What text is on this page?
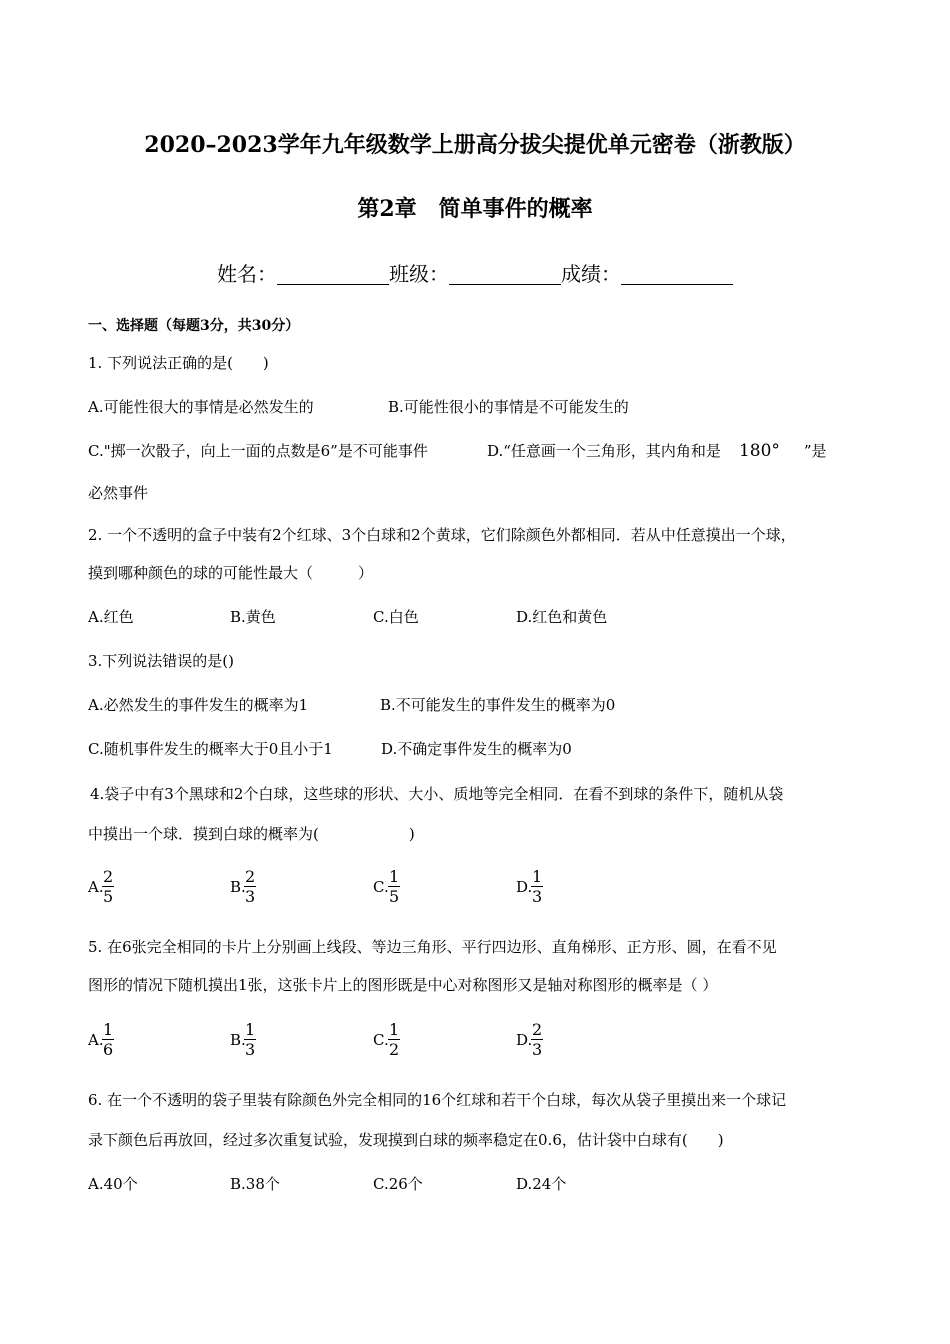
2020–2023学年九年级数学上册高分拔尖提优单元密卷（浙教版）
第2章　简单事件的概率
姓名：	班级：	成绩：
一、选择题（每题3分，共30分）
1. 下列说法正确的是(　　)
A.可能性很大的事情是必然发生的	B.可能性很小的事情是不可能发生的
C."掷一次骰子，向上一面的点数是6”是不可能事件	D.“任意画一个三角形，其内角和是 180° ”是
必然事件
2. 一个不透明的盒子中装有2个红球、3个白球和2个黄球，它们除颜色外都相同．若从中任意摸出一个球，
摸到哪种颜色的球的可能性最大（　　　）
A.红色	B.黄色	C.白色	D.红色和黄色
3.下列说法错误的是()
A.必然发生的事件发生的概率为1	B.不可能发生的事件发生的概率为0
C.随机事件发生的概率大于0且小于1	D.不确定事件发生的概率为0
4.袋子中有3个黑球和2个白球，这些球的形状、大小、质地等完全相同．在看不到球的条件下，随机从袋
中摸出一个球．摸到白球的概率为(　　　　　　)
A.
$\frac{2}{5}$	B.
$\frac{2}{3}$	C. $\frac{1}{5}$	D.
$\frac{1}{3}$
5. 在6张完全相同的卡片上分别画上线段、等边三角形、平行四边形、直角梯形、正方形、圆，在看不见
图形的情况下随机摸出1张，这张卡片上的图形既是中心对称图形又是轴对称图形的概率是（ ）
A.
$\frac{1}{6}$	B.
$\frac{1}{3}$	C. $\frac{1}{2}$	D.
$\frac{2}{3}$
6. 在一个不透明的袋子里装有除颜色外完全相同的16个红球和若干个白球，每次从袋子里摸出来一个球记
录下颜色后再放回，经过多次重复试验，发现摸到白球的频率稳定在0.6，估计袋中白球有(　　)
A.40个	B.38个	C.26个	D.24个
